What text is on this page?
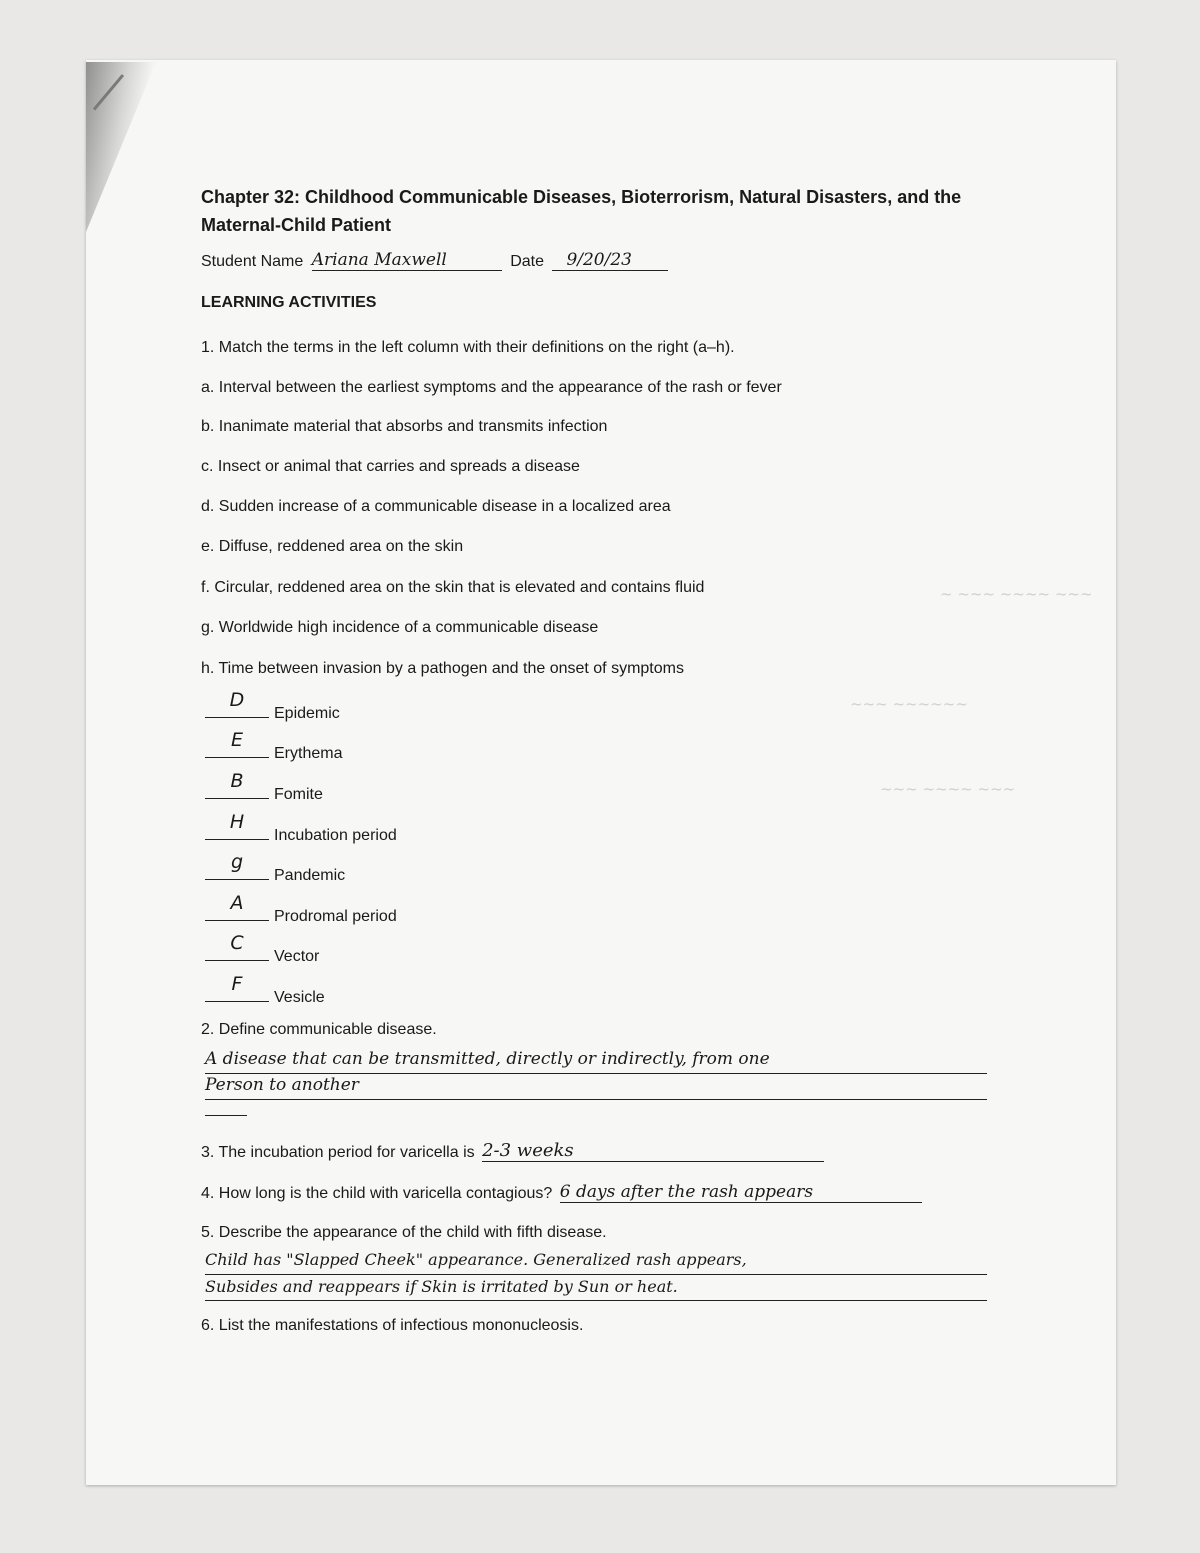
~ ~~~ ~~~~ ~~~
~~~ ~~~~~~
~~~ ~~~~ ~~~
Chapter 32: Childhood Communicable Diseases, Bioterrorism, Natural Disasters, and the Maternal-Child Patient
Student Name Ariana Maxwell	Date 9/20/23
LEARNING ACTIVITIES
1. Match the terms in the left column with their definitions on the right (a–h).
a. Interval between the earliest symptoms and the appearance of the rash or fever
b. Inanimate material that absorbs and transmits infection
c. Insect or animal that carries and spreads a disease
d. Sudden increase of a communicable disease in a localized area
e. Diffuse, reddened area on the skin
f. Circular, reddened area on the skin that is elevated and contains fluid
g. Worldwide high incidence of a communicable disease
h. Time between invasion by a pathogen and the onset of symptoms
D
Epidemic
E
Erythema
B
Fomite
H
Incubation period
g
Pandemic
A
Prodromal period
C
Vector
F
Vesicle
2. Define communicable disease.
A disease that can be transmitted, directly or indirectly, from one
Person to another
3. The incubation period for varicella is 2-3 weeks
4. How long is the child with varicella contagious? 6 days after the rash appears
5. Describe the appearance of the child with fifth disease.
Child has "Slapped Cheek" appearance. Generalized rash appears,
Subsides and reappears if Skin is irritated by Sun or heat.
6. List the manifestations of infectious mononucleosis.
